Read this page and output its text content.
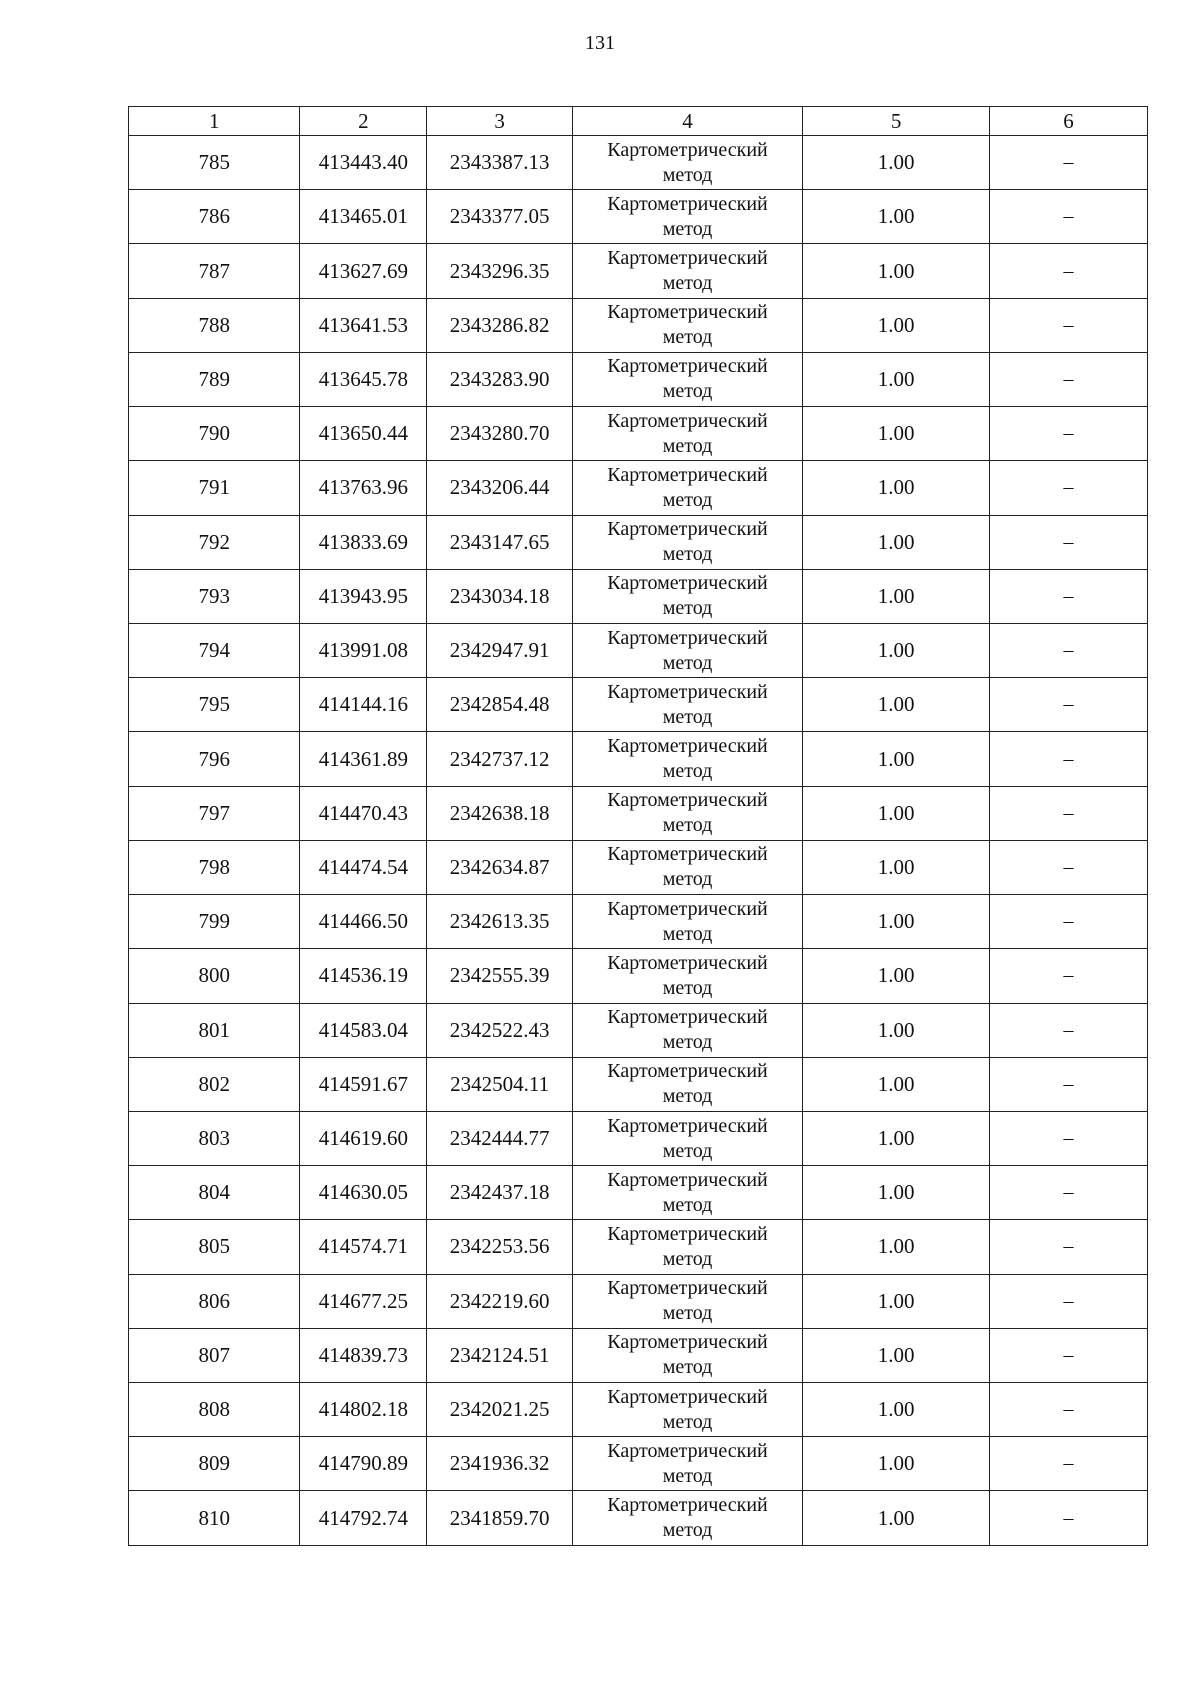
131
1	2	3	4	5	6
785	413443.40	2343387.13	Картометрический
метод	1.00	–
786	413465.01	2343377.05	Картометрический
метод	1.00	–
787	413627.69	2343296.35	Картометрический
метод	1.00	–
788	413641.53	2343286.82	Картометрический
метод	1.00	–
789	413645.78	2343283.90	Картометрический
метод	1.00	–
790	413650.44	2343280.70	Картометрический
метод	1.00	–
791	413763.96	2343206.44	Картометрический
метод	1.00	–
792	413833.69	2343147.65	Картометрический
метод	1.00	–
793	413943.95	2343034.18	Картометрический
метод	1.00	–
794	413991.08	2342947.91	Картометрический
метод	1.00	–
795	414144.16	2342854.48	Картометрический
метод	1.00	–
796	414361.89	2342737.12	Картометрический
метод	1.00	–
797	414470.43	2342638.18	Картометрический
метод	1.00	–
798	414474.54	2342634.87	Картометрический
метод	1.00	–
799	414466.50	2342613.35	Картометрический
метод	1.00	–
800	414536.19	2342555.39	Картометрический
метод	1.00	–
801	414583.04	2342522.43	Картометрический
метод	1.00	–
802	414591.67	2342504.11	Картометрический
метод	1.00	–
803	414619.60	2342444.77	Картометрический
метод	1.00	–
804	414630.05	2342437.18	Картометрический
метод	1.00	–
805	414574.71	2342253.56	Картометрический
метод	1.00	–
806	414677.25	2342219.60	Картометрический
метод	1.00	–
807	414839.73	2342124.51	Картометрический
метод	1.00	–
808	414802.18	2342021.25	Картометрический
метод	1.00	–
809	414790.89	2341936.32	Картометрический
метод	1.00	–
810	414792.74	2341859.70	Картометрический
метод	1.00	–
